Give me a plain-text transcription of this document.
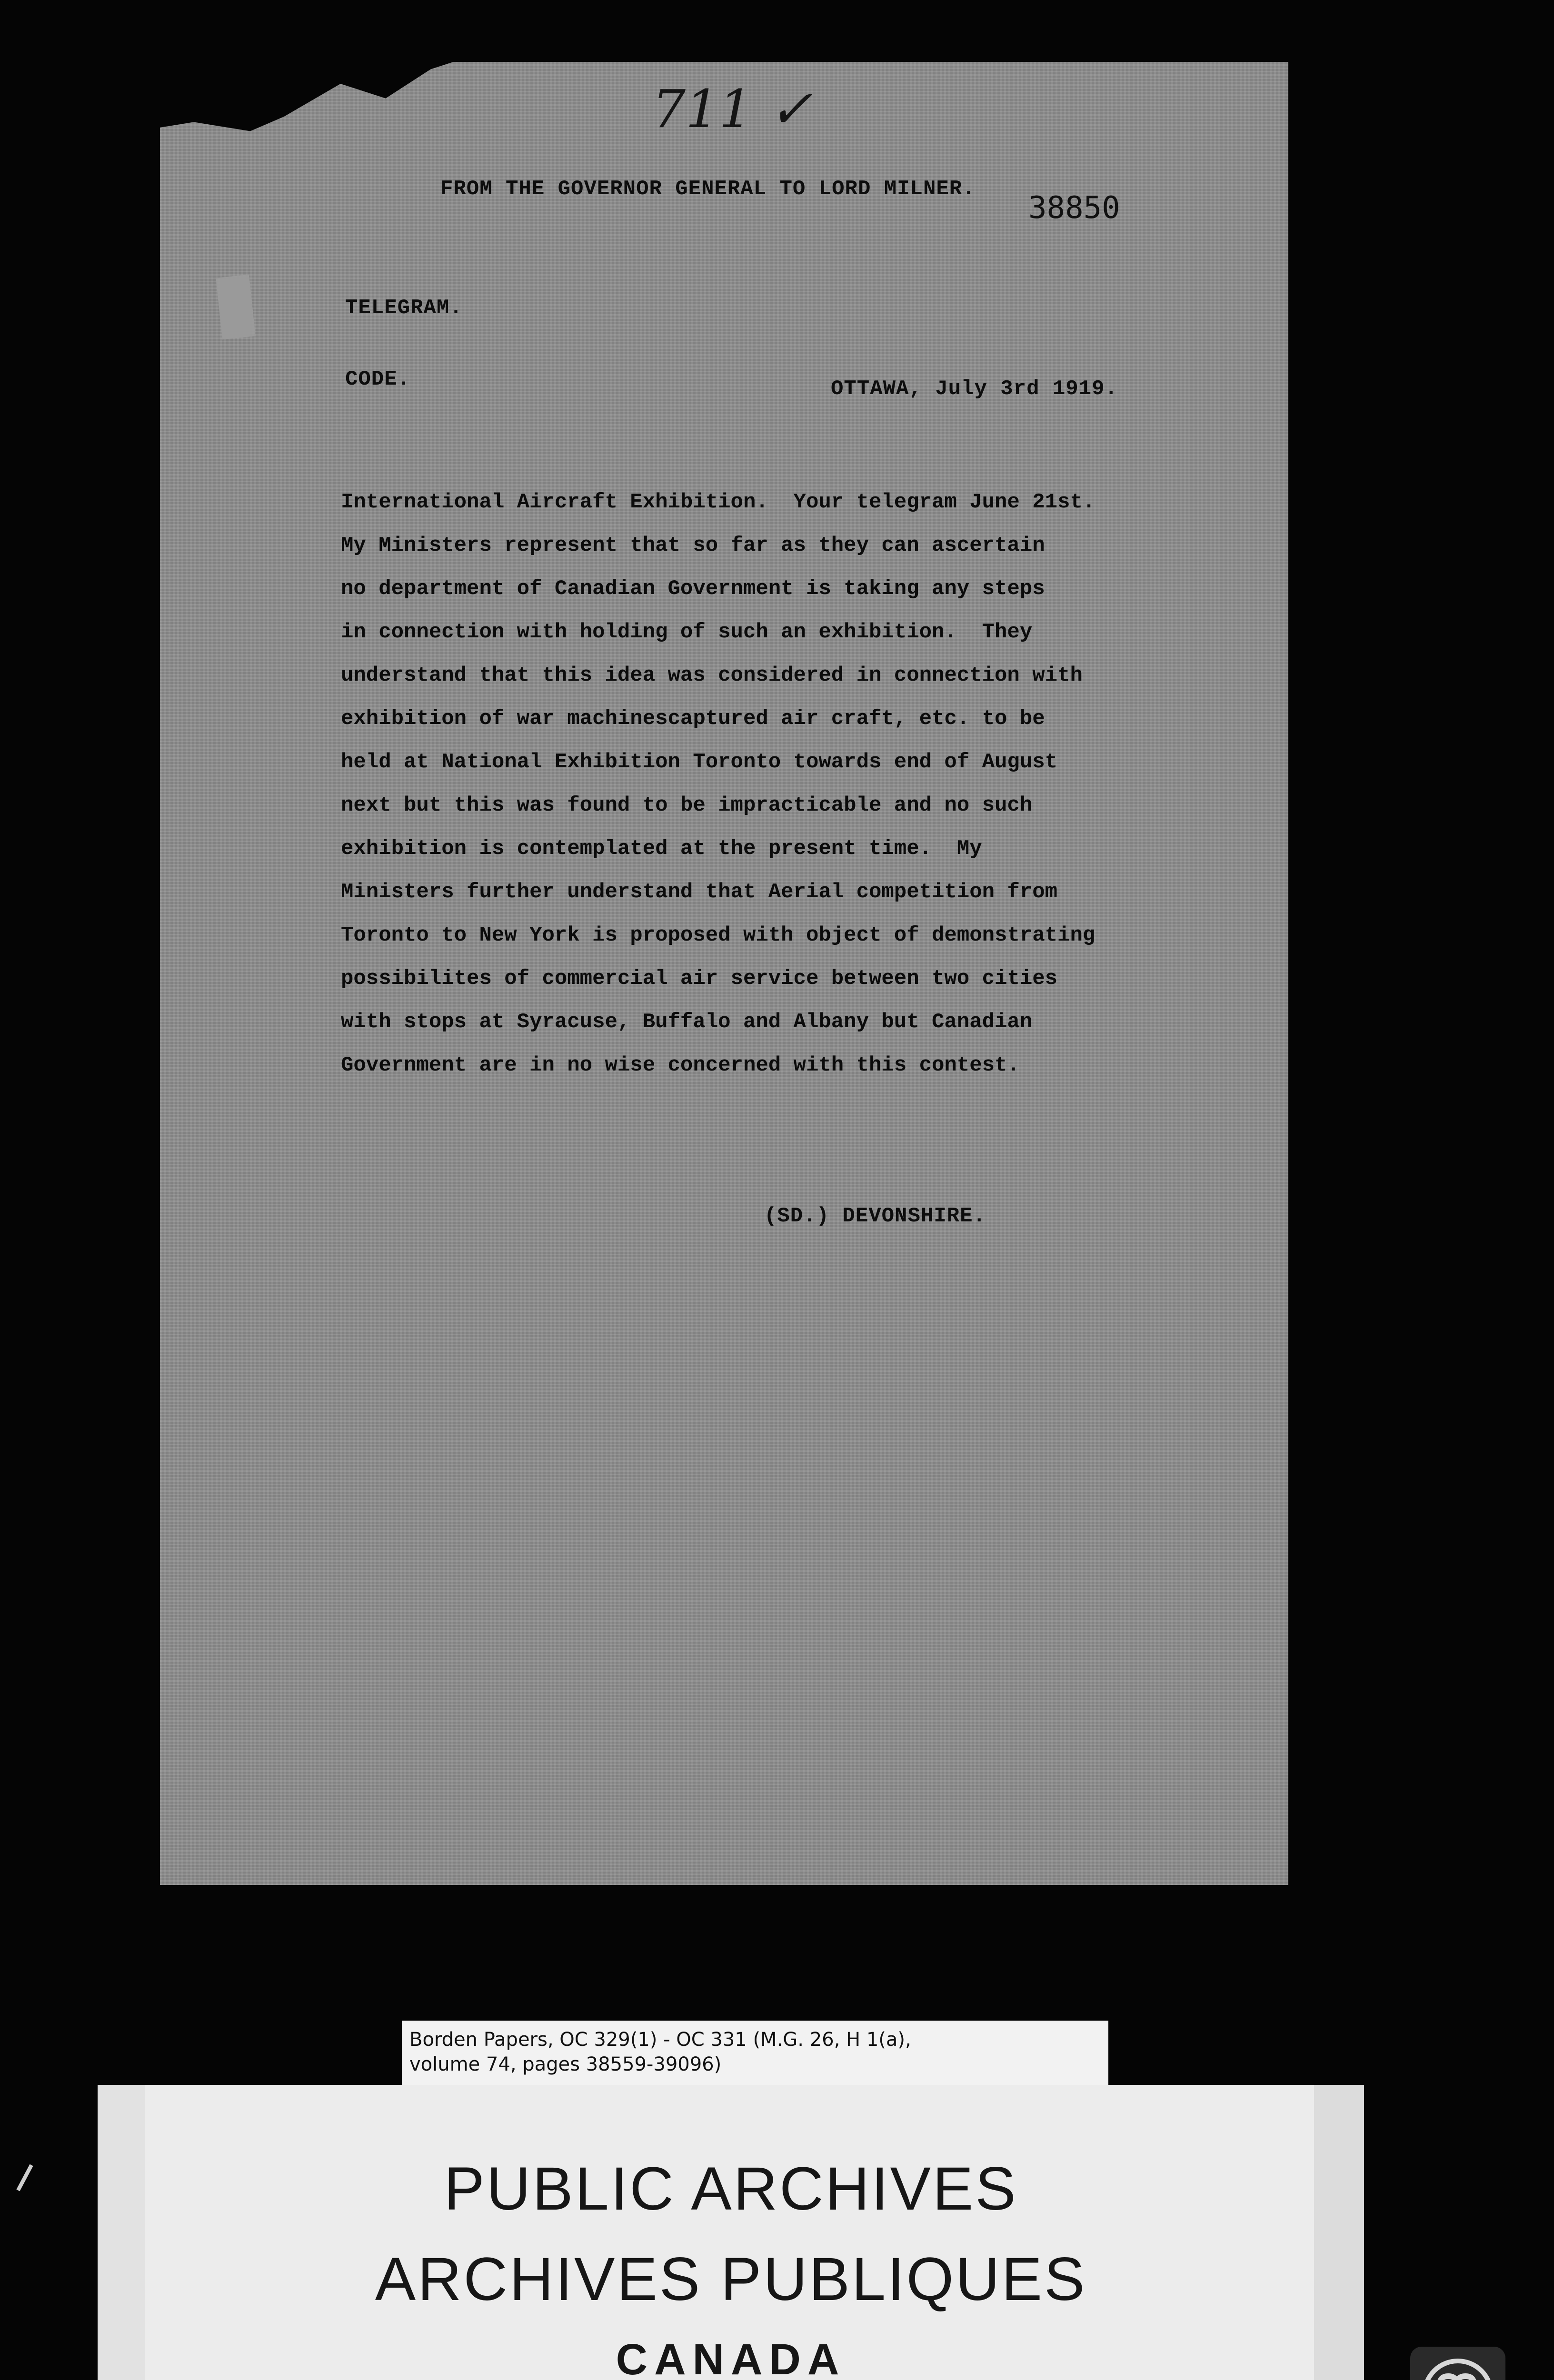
711 ✓
FROM THE GOVERNOR GENERAL TO LORD MILNER.
38850
TELEGRAM.
CODE.	OTTAWA, July 3rd 1919.
International Aircraft Exhibition.  Your telegram June 21st.
My Ministers represent that so far as they can ascertain
no department of Canadian Government is taking any steps
in connection with holding of such an exhibition.  They
understand that this idea was considered in connection with
exhibition of war machinescaptured air craft, etc. to be
held at National Exhibition Toronto towards end of August
next but this was found to be impracticable and no such
exhibition is contemplated at the present time.  My
Ministers further understand that Aerial competition from
Toronto to New York is proposed with object of demonstrating
possibilites of commercial air service between two cities
with stops at Syracuse, Buffalo and Albany but Canadian
Government are in no wise concerned with this contest.
(SD.) DEVONSHIRE.
Borden Papers, OC 329(1) - OC 331 (M.G. 26, H 1(a),
volume 74, pages 38559-39096)
PUBLIC ARCHIVES
ARCHIVES PUBLIQUES
CANADA
